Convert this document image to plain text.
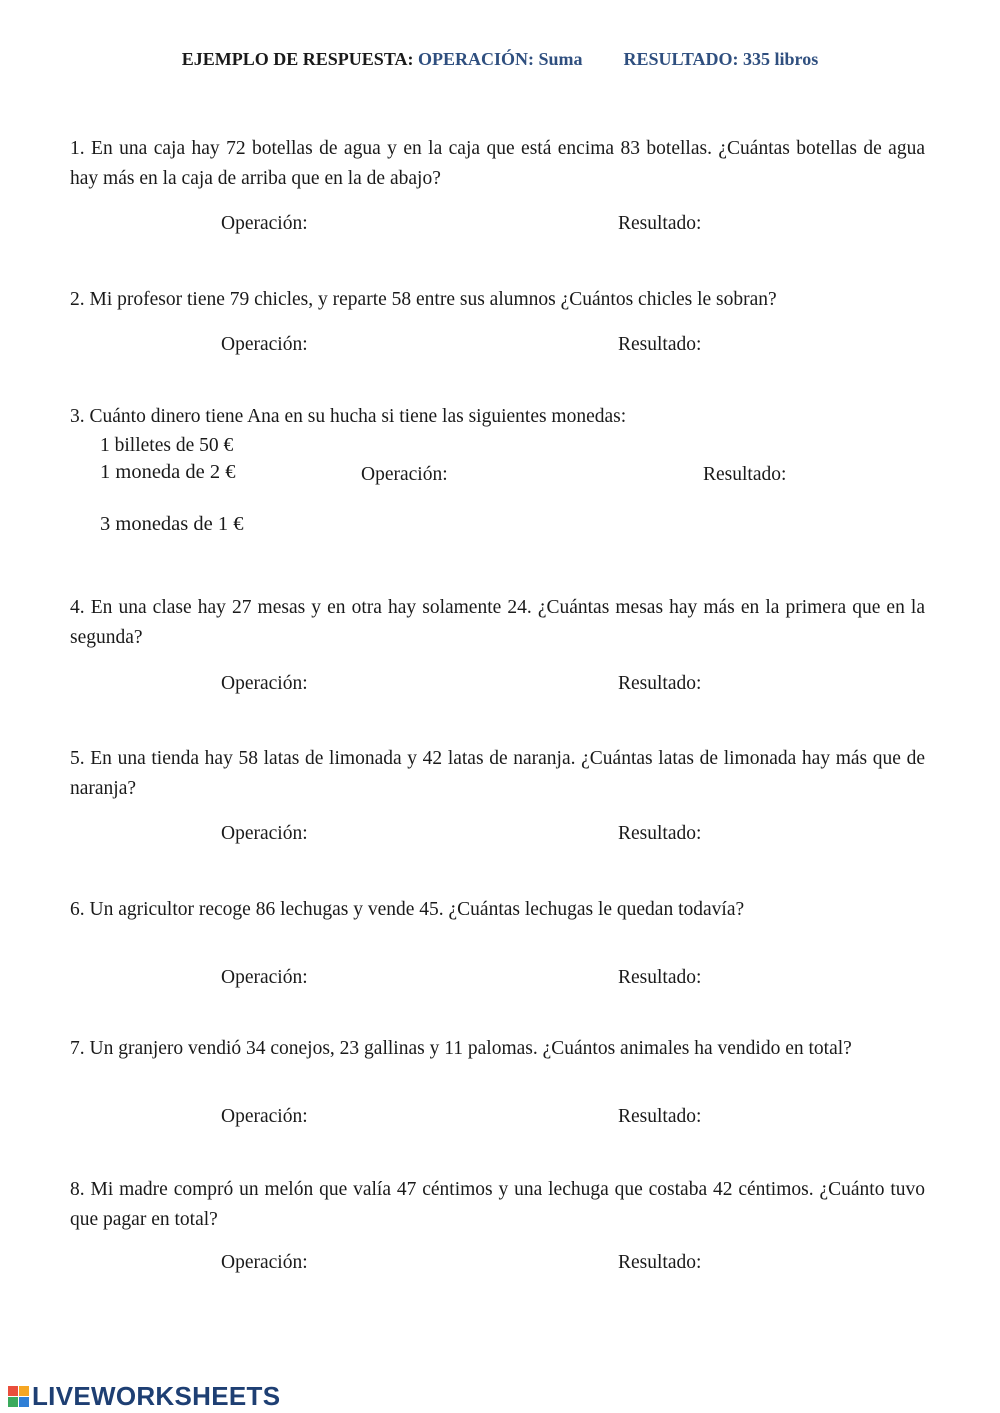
EJEMPLO DE RESPUESTA: OPERACIÓN: Suma RESULTADO: 335 libros
1. En una caja hay 72 botellas de agua y en la caja que está encima 83 botellas. ¿Cuántas botellas de agua hay más en la caja de arriba que en la de abajo?
Operación:	Resultado:
2. Mi profesor tiene 79 chicles, y reparte 58 entre sus alumnos ¿Cuántos chicles le sobran?
Operación:	Resultado:
3. Cuánto dinero tiene Ana en su hucha si tiene las siguientes monedas:
1 billetes de 50 €
1 moneda de 2 €	Operación:	Resultado:
3 monedas de 1 €
4. En una clase hay 27 mesas y en otra hay solamente 24. ¿Cuántas mesas hay más en la primera que en la segunda?
Operación:	Resultado:
5. En una tienda hay 58 latas de limonada y 42 latas de naranja. ¿Cuántas latas de limonada hay más que de naranja?
Operación:	Resultado:
6. Un agricultor recoge 86 lechugas y vende 45. ¿Cuántas lechugas le quedan todavía?
Operación:	Resultado:
7. Un granjero vendió 34 conejos, 23 gallinas y 11 palomas. ¿Cuántos animales ha vendido en total?
Operación:	Resultado:
8. Mi madre compró un melón que valía 47 céntimos y una lechuga que costaba 42 céntimos. ¿Cuánto tuvo que pagar en total?
Operación:	Resultado:
LIVEWORKSHEETS
